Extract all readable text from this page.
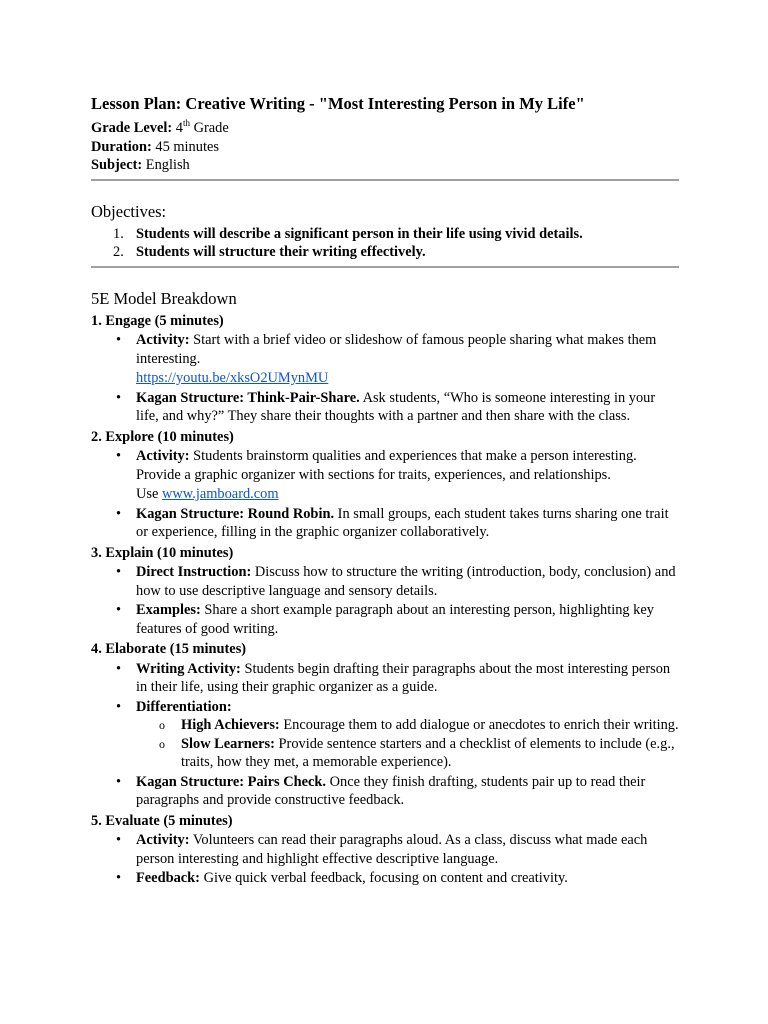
Lesson Plan: Creative Writing - "Most Interesting Person in My Life"

Grade Level: 4th Grade

Duration: 45 minutes

Subject: English

Objectives:
1. Students will describe a significant person in their life using vivid details.
2. Students will structure their writing effectively.
5E Model Breakdown
1. Engage (5 minutes)
• Activity: Start with a brief video or slideshow of famous people sharing what makes them interesting.
https://youtu.be/xksO2UMynMU
• Kagan Structure: Think-Pair-Share. Ask students, “Who is someone interesting in your life, and why?” They share their thoughts with a partner and then share with the class.
2. Explore (10 minutes)
• Activity: Students brainstorm qualities and experiences that make a person interesting. Provide a graphic organizer with sections for traits, experiences, and relationships.
Use www.jamboard.com
• Kagan Structure: Round Robin. In small groups, each student takes turns sharing one trait or experience, filling in the graphic organizer collaboratively.
3. Explain (10 minutes)
• Direct Instruction: Discuss how to structure the writing (introduction, body, conclusion) and how to use descriptive language and sensory details.
• Examples: Share a short example paragraph about an interesting person, highlighting key features of good writing.
4. Elaborate (15 minutes)
• Writing Activity: Students begin drafting their paragraphs about the most interesting person in their life, using their graphic organizer as a guide.
• Differentiation:
o High Achievers: Encourage them to add dialogue or anecdotes to enrich their writing.
o Slow Learners: Provide sentence starters and a checklist of elements to include (e.g., traits, how they met, a memorable experience).
• Kagan Structure: Pairs Check. Once they finish drafting, students pair up to read their paragraphs and provide constructive feedback.
5. Evaluate (5 minutes)
• Activity: Volunteers can read their paragraphs aloud. As a class, discuss what made each person interesting and highlight effective descriptive language.
• Feedback: Give quick verbal feedback, focusing on content and creativity.
